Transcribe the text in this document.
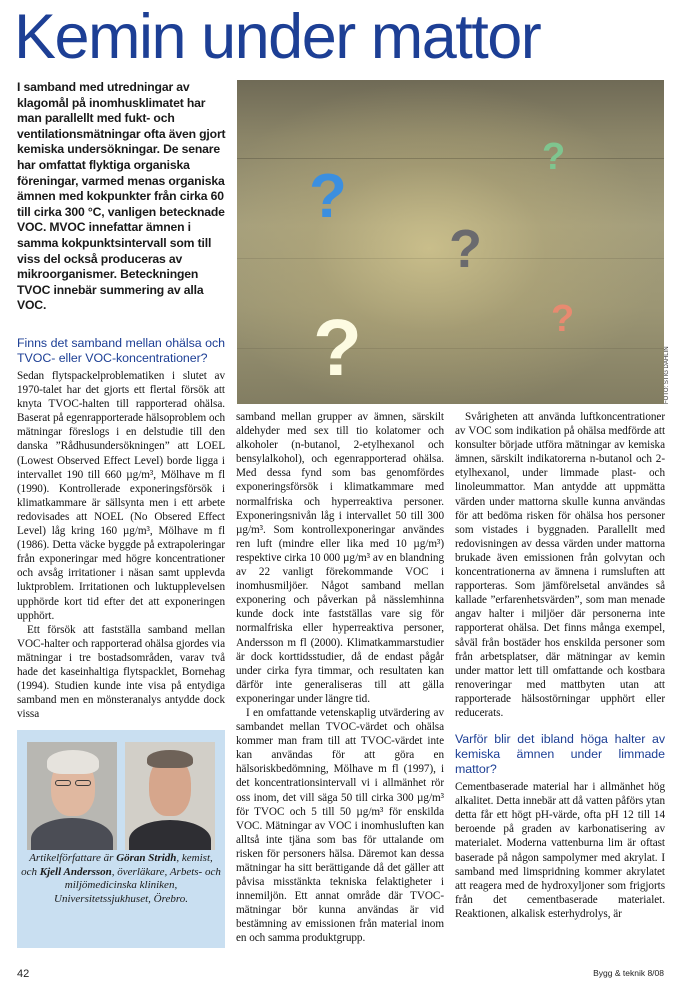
Kemin under mattor
I samband med utredningar av klagomål på inomhusklimatet har man parallellt med fukt- och ventilationsmätningar ofta även gjort kemiska undersökningar. De senare har omfattat flyktiga organiska föreningar, varmed menas organiska ämnen med kokpunkter från cirka 60 till cirka 300 °C, vanligen betecknade VOC. MVOC innefattar ämnen i samma kokpunktsintervall som till viss del också produceras av mikroorganismer. Beteckningen TVOC innebär summering av alla VOC.
?
?
?
?
?	FOTO: STIG DAHLIN
Finns det samband mellan ohälsa och TVOC- eller VOC-koncentrationer?

Sedan flytspackelproblematiken i slutet av 1970-talet har det gjorts ett flertal försök att knyta TVOC-halten till rapporterad ohälsa. Baserat på egenrapporterade hälsoproblem och mätningar föreslogs i en delstudie till den danska ”Rådhusundersökningen” att LOEL (Lowest Observed Effect Level) borde ligga i intervallet 190 till 660 µg/m³, Mölhave m fl (1990). Kontrollerade exponeringsförsök i klimatkammare är sällsynta men i ett arbete redovisades att NOEL (No Obsered Effect Level) låg kring 160 µg/m³, Mölhave m fl (1986). Detta väcke byggde på extrapoleringar från exponeringar med högre koncentrationer och avsåg irritationer i näsan samt upplevda luktproblem. Irritationen och luktupplevelsen upphörde kort tid efter det att exponeringen upphört.

Ett försök att fastställa samband mellan VOC-halter och rapporterad ohälsa gjordes via mätningar i tre bostadsområden, varav två hade det kaseinhaltiga flytspacklet, Bornehag (1994). Studien kunde inte visa på entydiga samband men en mönsteranalys antydde dock vissa

samband mellan grupper av ämnen, särskilt aldehyder med sex till tio kolatomer och alkoholer (n-butanol, 2-etylhexanol och bensylalkohol), och egenrapporterad ohälsa. Med dessa fynd som bas genomfördes exponeringsförsök i klimatkammare med normalfriska och hyperreaktiva personer. Exponeringsnivån låg i intervallet 50 till 300 µg/m³. Som kontrollexponeringar användes ren luft (mindre eller lika med 10 µg/m³) respektive cirka 10 000 µg/m³ av en blandning av 22 vanligt förekommande VOC i inomhusmiljöer. Något samband mellan exponering och påverkan på nässlemhinna kunde dock inte fastställas vare sig för normalfriska eller hyperreaktiva personer, Andersson m fl (2000). Klimatkammarstudier är dock korttidsstudier, då de endast pågår under cirka fyra timmar, och resultaten kan därför inte generaliseras till att gälla exponeringar under längre tid.

I en omfattande vetenskaplig utvärdering av sambandet mellan TVOC-värdet och ohälsa kommer man fram till att TVOC-värdet inte kan användas för att göra en hälsoriskbedömning, Mölhave m fl (1997), i det koncentrationsintervall vi i allmänhet rör oss inom, det vill säga 50 till cirka 300 µg/m³ för TVOC och 5 till 50 µg/m³ för enskilda VOC. Mätningar av VOC i inomhusluften kan alltså inte tjäna som bas för uttalande om risken för personers hälsa. Däremot kan dessa mätningar ha sitt berättigande då det gäller att påvisa misstänkta tekniska felaktigheter i innemiljön. Ett annat område där TVOC-mätningar bör kunna användas är vid bestämning av emissionen från material inom en och samma produktgrupp.

Svårigheten att använda luftkoncentrationer av VOC som indikation på ohälsa medförde att konsulter började utföra mätningar av kemiska ämnen, särskilt indikatorerna n-butanol och 2-etylhexanol, under limmade plast- och linoleummattor. Man antydde att uppmätta värden under mattorna skulle kunna användas för att bedöma risken för ohälsa hos personer som vistades i byggnaden. Parallellt med redovisningen av dessa värden under mattorna brukade även emissionen från golvytan och koncentrationerna av ämnena i rumsluften att rapporteras. Som jämförelsetal användes så kallade ”erfarenhetsvärden”, som man menade angav halter i miljöer där personerna inte rapporterat ohälsa. Det finns många exempel, såväl från bostäder hos enskilda personer som från arbetsplatser, där mätningar av kemin under mattor lett till omfattande och kostbara renoveringar med mattbyten utan att rapporterade hälsostörningar upphört eller reducerats.

Varför blir det ibland höga halter av kemiska ämnen under limmade mattor?

Cementbaserade material har i allmänhet hög alkalitet. Detta innebär att då vatten påförs ytan detta får ett högt pH-värde, ofta pH 12 till 14 beroende på graden av karbonatisering av materialet. Moderna vattenburna lim är oftast baserade på någon sampolymer med akrylat. I samband med limspridning kommer akrylatet att reagera med de hydroxyljoner som frigjorts från det cementbaserade materialet. Reaktionen, alkalisk esterhydrolys, är

Artikelförfattare är Göran Stridh, kemist, och Kjell Andersson, överläkare, Arbets- och miljömedicinska kliniken, Universitetssjukhuset, Örebro.
42	Bygg & teknik 8/08
